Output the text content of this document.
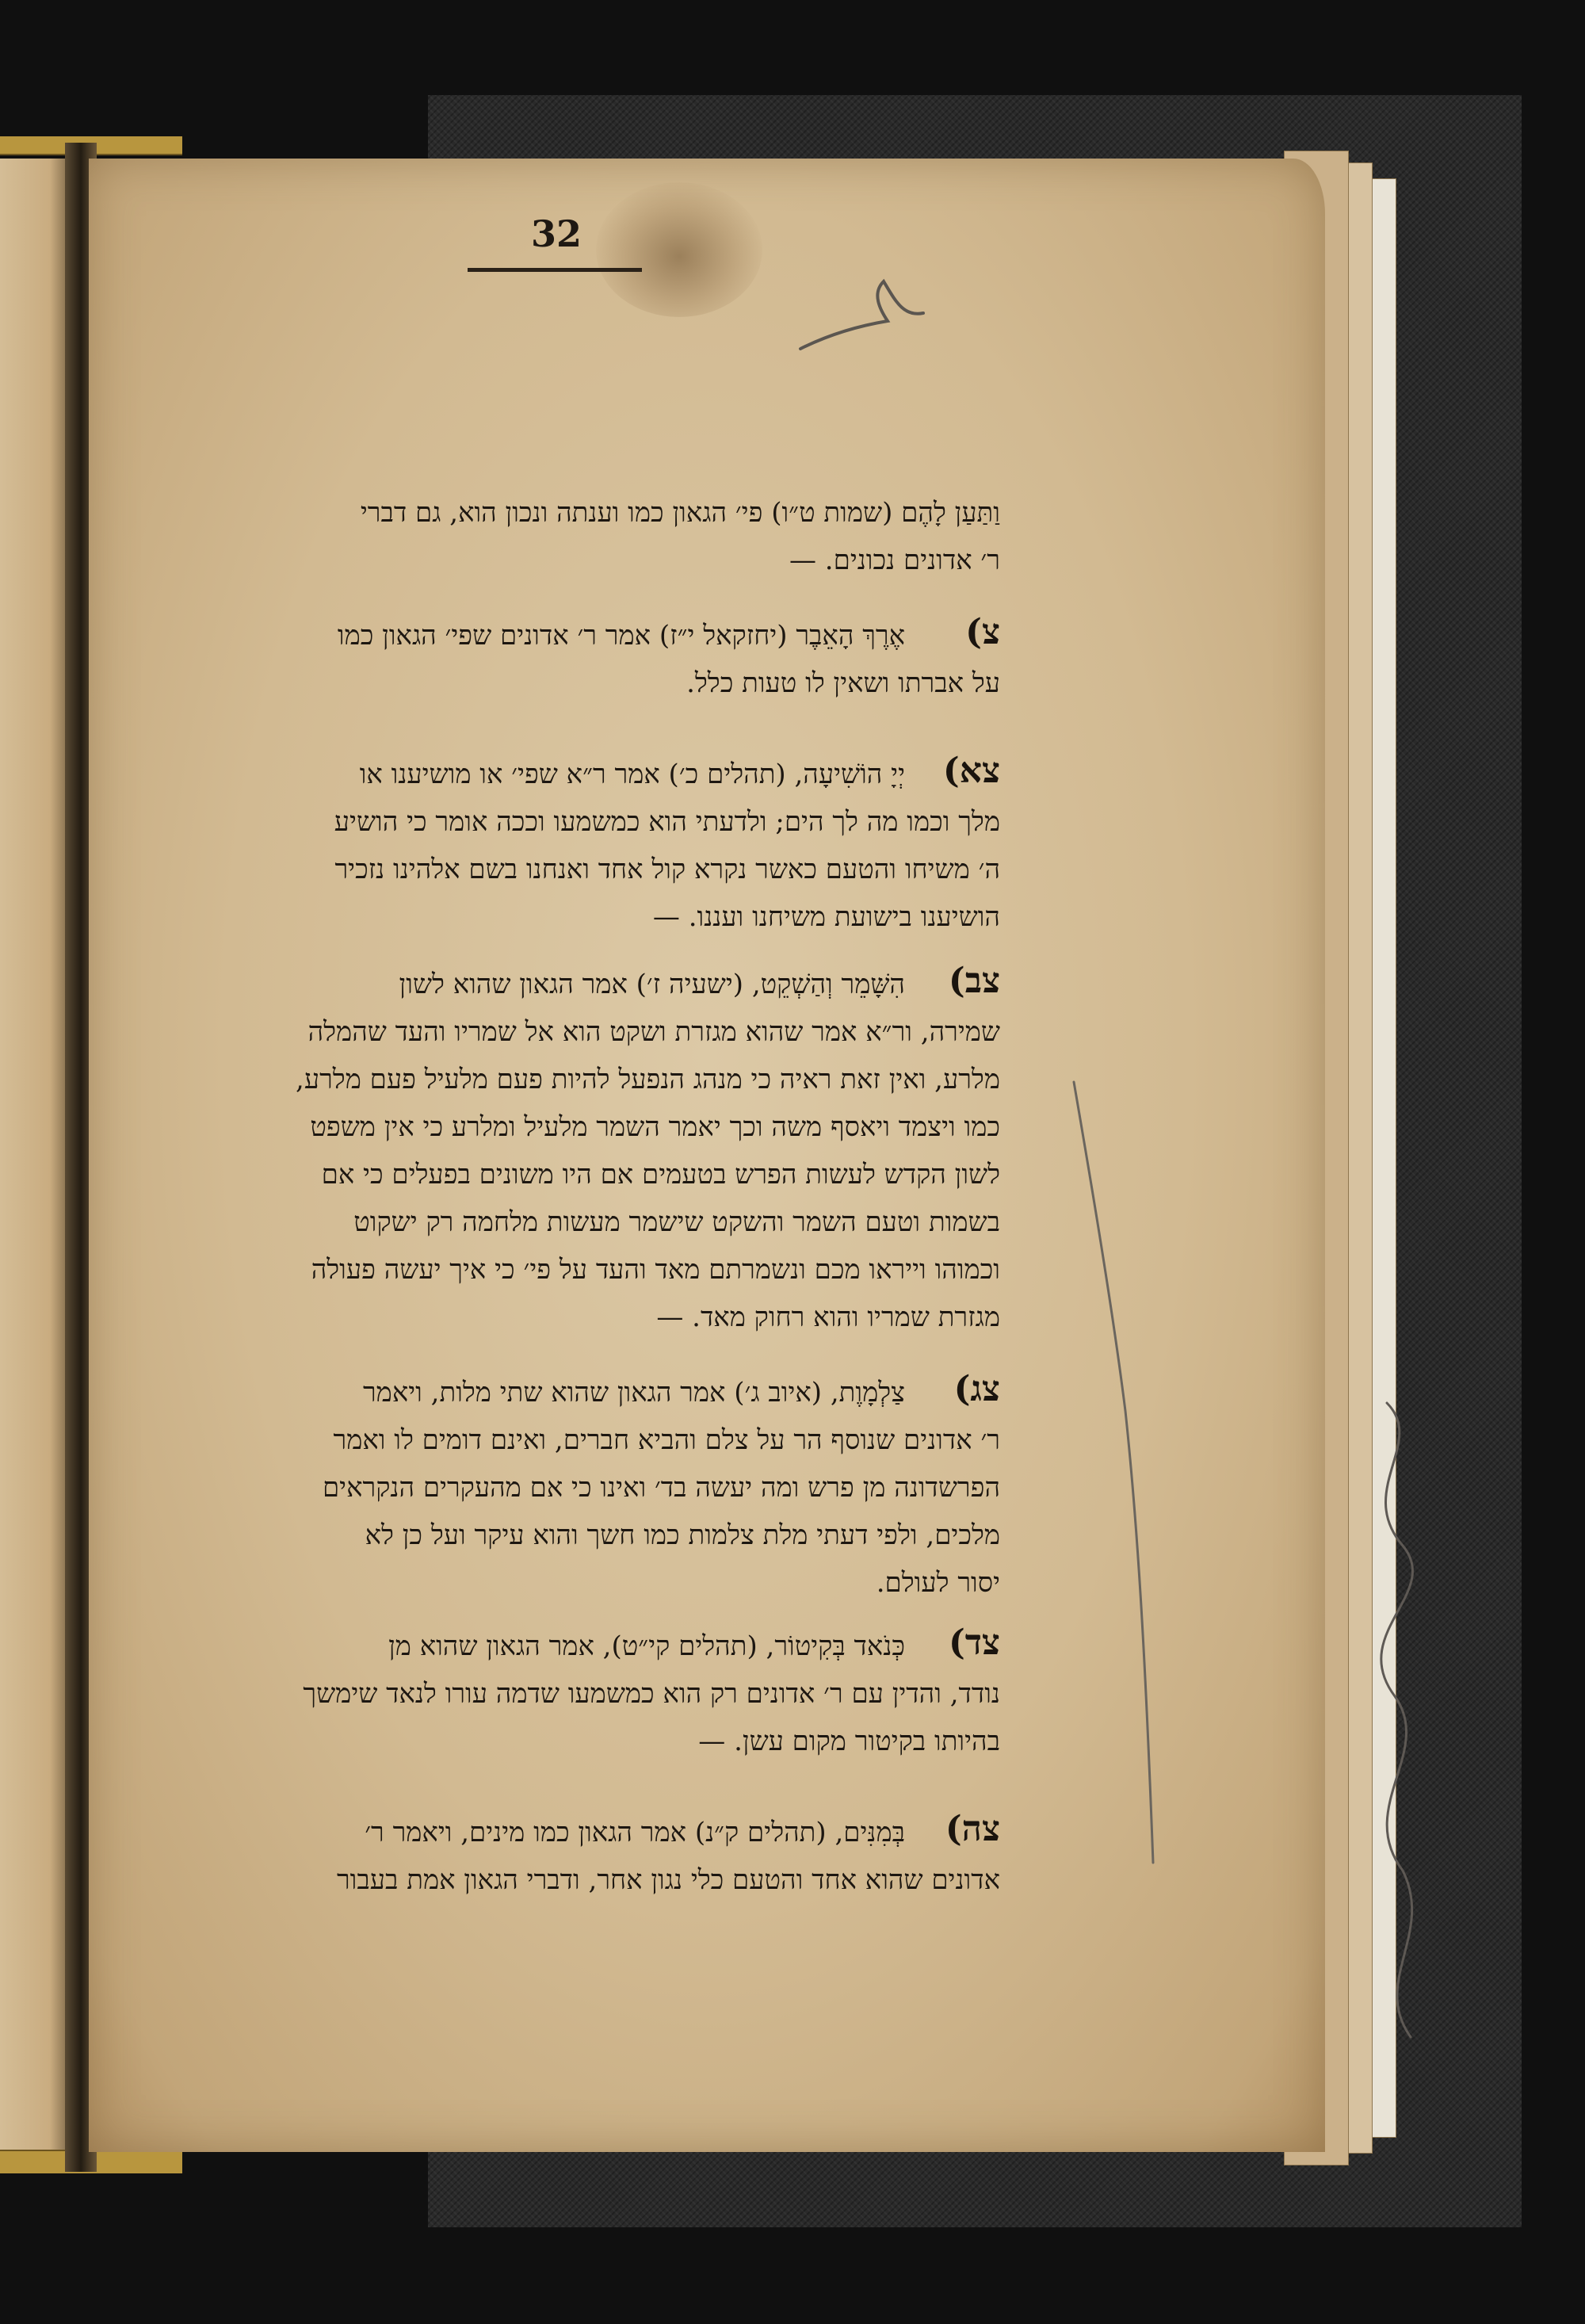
32
וַתַּעַן לָהֶם (שמות ט״ו) פי׳ הגאון כמו וענתה ונכון הוא, גם דברי
ר׳ אדונים נכונים. —
צ)
אֶרֶךְ הָאֵבֶר (יחזקאל י״ז) אמר ר׳ אדונים שפי׳ הגאון כמו
על אברתו ושאין לו טעות כלל.
צא)
יְיָ הוֹשִׁיעָה, (תהלים כ׳) אמר ר״א שפי׳ או מושיענו או
מלך וכמו מה לך הים; ולדעתי הוא כמשמעו וככה אומר כי הושיע
ה׳ משיחו והטעם כאשר נקרא קול אחד ואנחנו בשם אלהינו נזכיר
הושיענו בישועת משיחנו ועננו. —
צב)
הִשָּׁמֵר וְהַשְׁקֵט, (ישעיה ז׳) אמר הגאון שהוא לשון
שמירה, ור״א אמר שהוא מגזרת ושקט הוא אל שמריו והעד שהמלה
מלרע, ואין זאת ראיה כי מנהג הנפעל להיות פעם מלעיל פעם מלרע,
כמו ויצמד ויאסף משה וכך יאמר השמר מלעיל ומלרע כי אין משפט
לשון הקדש לעשות הפרש בטעמים אם היו משונים בפעלים כי אם
בשמות וטעם השמר והשקט שישמר מעשות מלחמה רק ישקוט
וכמוהו וייראו מכם ונשמרתם מאד והעד על פי׳ כי איך יעשה פעולה
מגזרת שמריו והוא רחוק מאד. —
צג)
צַלְמָוֶת, (איוב ג׳) אמר הגאון שהוא שתי מלות, ויאמר
ר׳ אדונים שנוסף הר על צלם והביא חברים, ואינם דומים לו ואמר
הפרשדונה מן פרש ומה יעשה בד׳ ואינו כי אם מהעקרים הנקראים
מלכים, ולפי דעתי מלת צלמות כמו חשך והוא עיקר ועל כן לא
יסור לעולם.
צד)
כְּנֹאד בְּקִיטוֹר, (תהלים קי״ט), אמר הגאון שהוא מן
נודד, והדין עם ר׳ אדונים רק הוא כמשמעו שדמה עורו לנאד שימשך
בהיותו בקיטור מקום עשן. —
צה)
בְּמִנִּים, (תהלים ק״נ) אמר הגאון כמו מינים, ויאמר ר׳
אדונים שהוא אחד והטעם כלי נגון אחר, ודברי הגאון אמת בעבור
